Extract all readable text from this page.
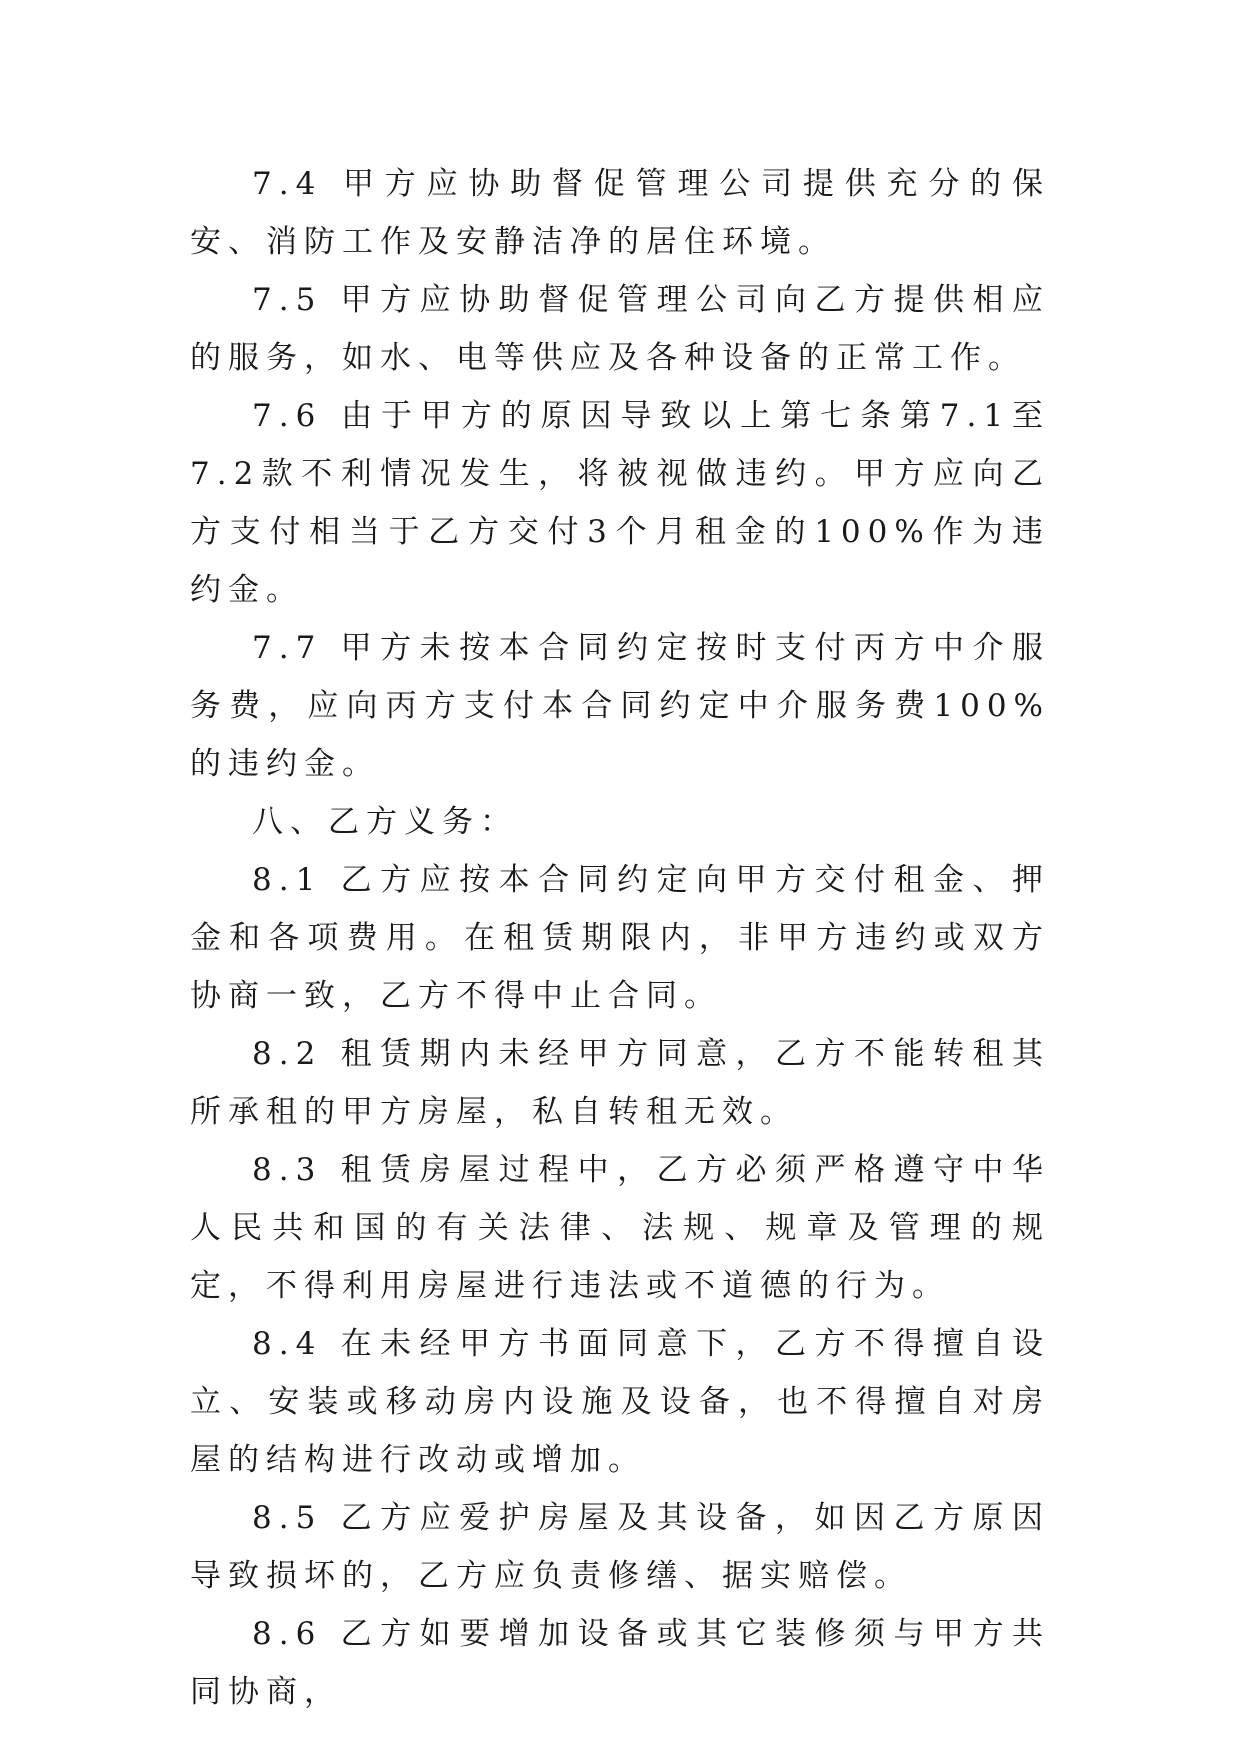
7.4 甲方应协助督促管理公司提供充分的保安、消防工作及安静洁净的居住环境。

7.5 甲方应协助督促管理公司向乙方提供相应的服务，如水、电等供应及各种设备的正常工作。

7.6 由于甲方的原因导致以上第七条第7.1至7.2款不利情况发生，将被视做违约。甲方应向乙方支付相当于乙方交付3个月租金的100%作为违约金。

7.7 甲方未按本合同约定按时支付丙方中介服务费，应向丙方支付本合同约定中介服务费100%的违约金。

八、乙方义务：

8.1 乙方应按本合同约定向甲方交付租金、押金和各项费用。在租赁期限内，非甲方违约或双方协商一致，乙方不得中止合同。

8.2 租赁期内未经甲方同意，乙方不能转租其所承租的甲方房屋，私自转租无效。

8.3 租赁房屋过程中，乙方必须严格遵守中华人民共和国的有关法律、法规、规章及管理的规定，不得利用房屋进行违法或不道德的行为。

8.4 在未经甲方书面同意下，乙方不得擅自设立、安装或移动房内设施及设备，也不得擅自对房屋的结构进行改动或增加。

8.5 乙方应爱护房屋及其设备，如因乙方原因导致损坏的，乙方应负责修缮、据实赔偿。

8.6 乙方如要增加设备或其它装修须与甲方共同协商，
